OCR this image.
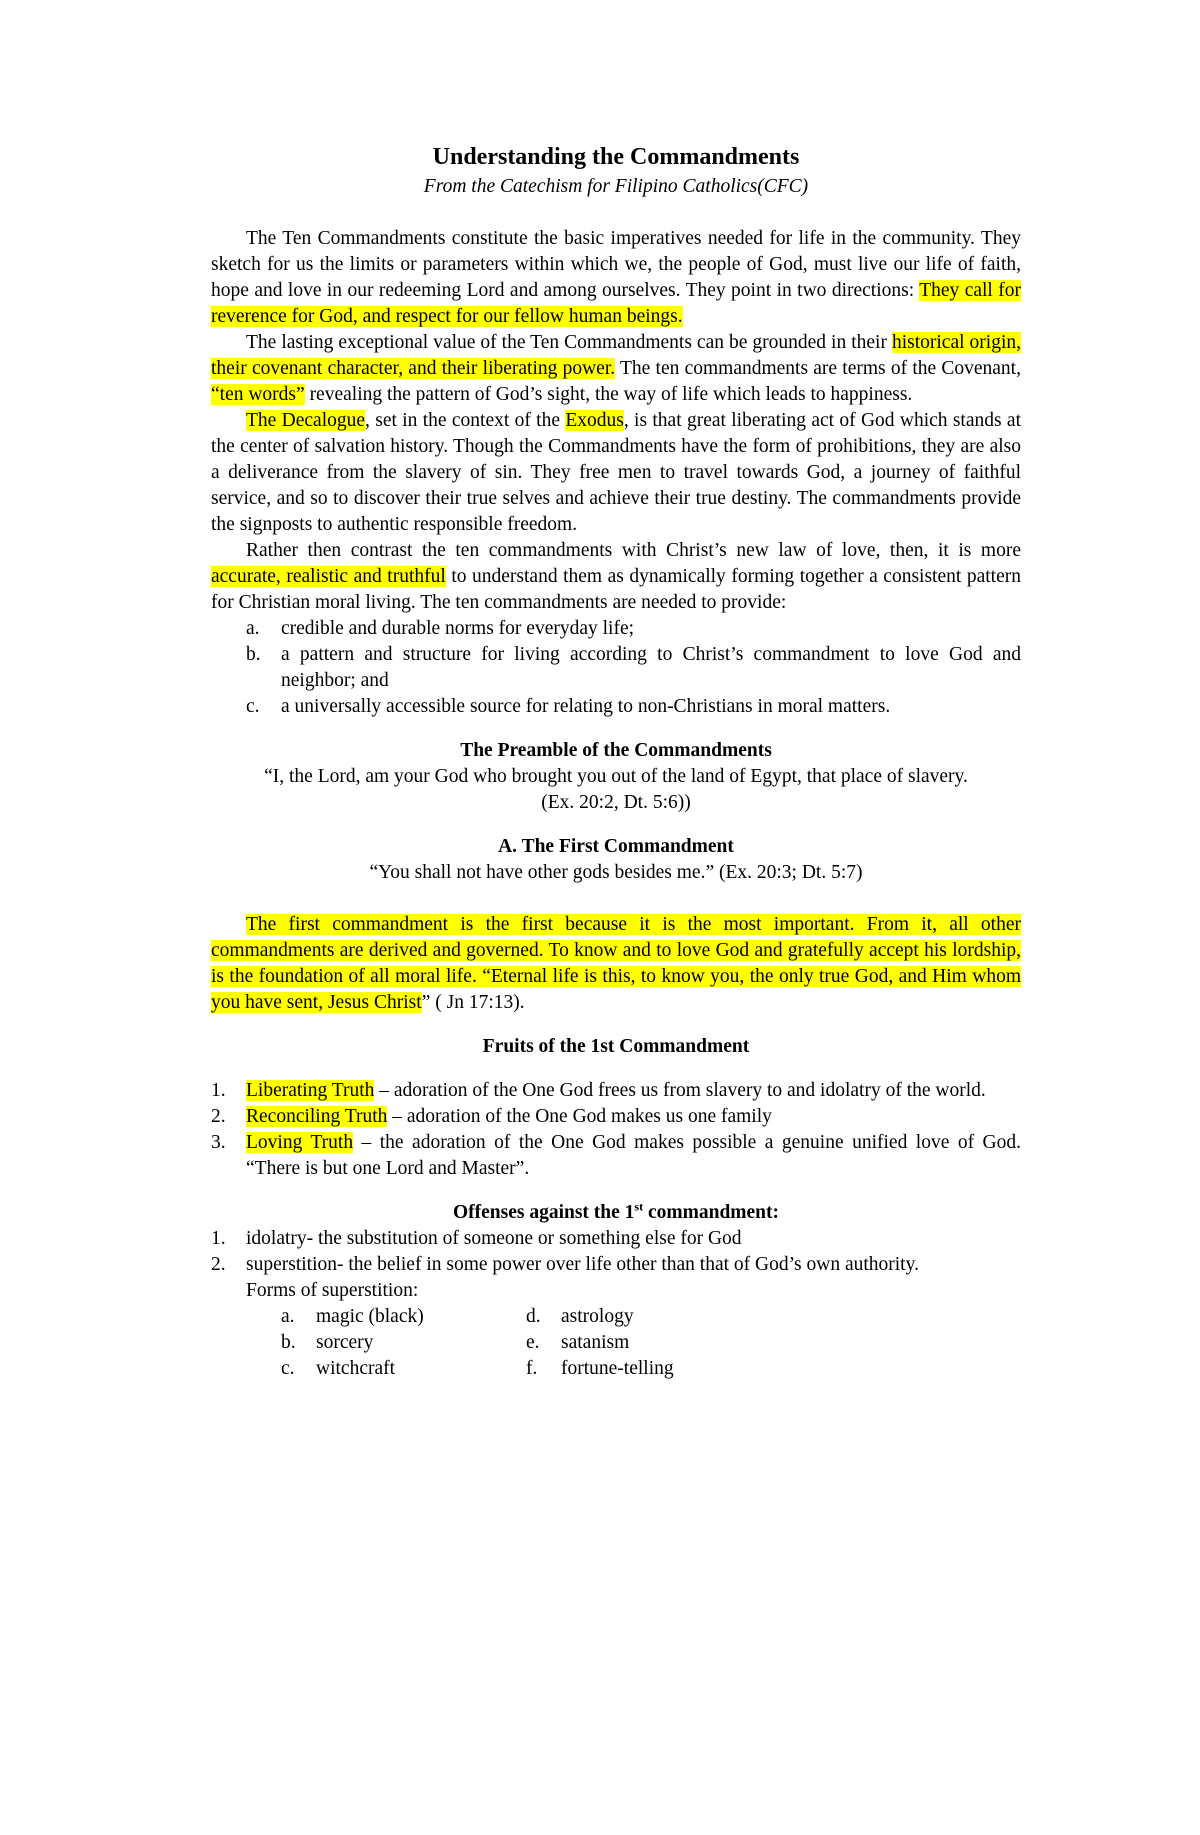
Understanding the Commandments

From the Catechism for Filipino Catholics(CFC)

The Ten Commandments constitute the basic imperatives needed for life in the community. They sketch for us the limits or parameters within which we, the people of God, must live our life of faith, hope and love in our redeeming Lord and among ourselves. They point in two directions: They call for reverence for God, and respect for our fellow human beings.

The lasting exceptional value of the Ten Commandments can be grounded in their historical origin, their covenant character, and their liberating power. The ten commandments are terms of the Covenant, “ten words” revealing the pattern of God’s sight, the way of life which leads to happiness.

The Decalogue, set in the context of the Exodus, is that great liberating act of God which stands at the center of salvation history. Though the Commandments have the form of prohibitions, they are also a deliverance from the slavery of sin. They free men to travel towards God, a journey of faithful service, and so to discover their true selves and achieve their true destiny. The commandments provide the signposts to authentic responsible freedom.

Rather then contrast the ten commandments with Christ’s new law of love, then, it is more accurate, realistic and truthful to understand them as dynamically forming together a consistent pattern for Christian moral living. The ten commandments are needed to provide:

a.	credible and durable norms for everyday life;
b.	a pattern and structure for living according to Christ’s commandment to love God and neighbor; and
c.	a universally accessible source for relating to non-Christians in moral matters.
The Preamble of the Commandments

“I, the Lord, am your God who brought you out of the land of Egypt, that place of slavery.

(Ex. 20:2, Dt. 5:6))

A. The First Commandment

“You shall not have other gods besides me.” (Ex. 20:3; Dt. 5:7)

The first commandment is the first because it is the most important. From it, all other commandments are derived and governed. To know and to love God and gratefully accept his lordship, is the foundation of all moral life. “Eternal life is this, to know you, the only true God, and Him whom you have sent, Jesus Christ” ( Jn 17:13).

Fruits of the 1st Commandment
1.	Liberating Truth – adoration of the One God frees us from slavery to and idolatry of the world.
2.	Reconciling Truth – adoration of the One God makes us one family
3.	Loving Truth – the adoration of the One God makes possible a genuine unified love of God. “There is but one Lord and Master”.
Offenses against the 1st commandment:
1.	idolatry- the substitution of someone or something else for God
2.	superstition- the belief in some power over life other than that of God’s own authority.
Forms of superstition:
a.	magic (black)	d.	astrology
b.	sorcery	e.	satanism
c.	witchcraft	f.	fortune-telling
